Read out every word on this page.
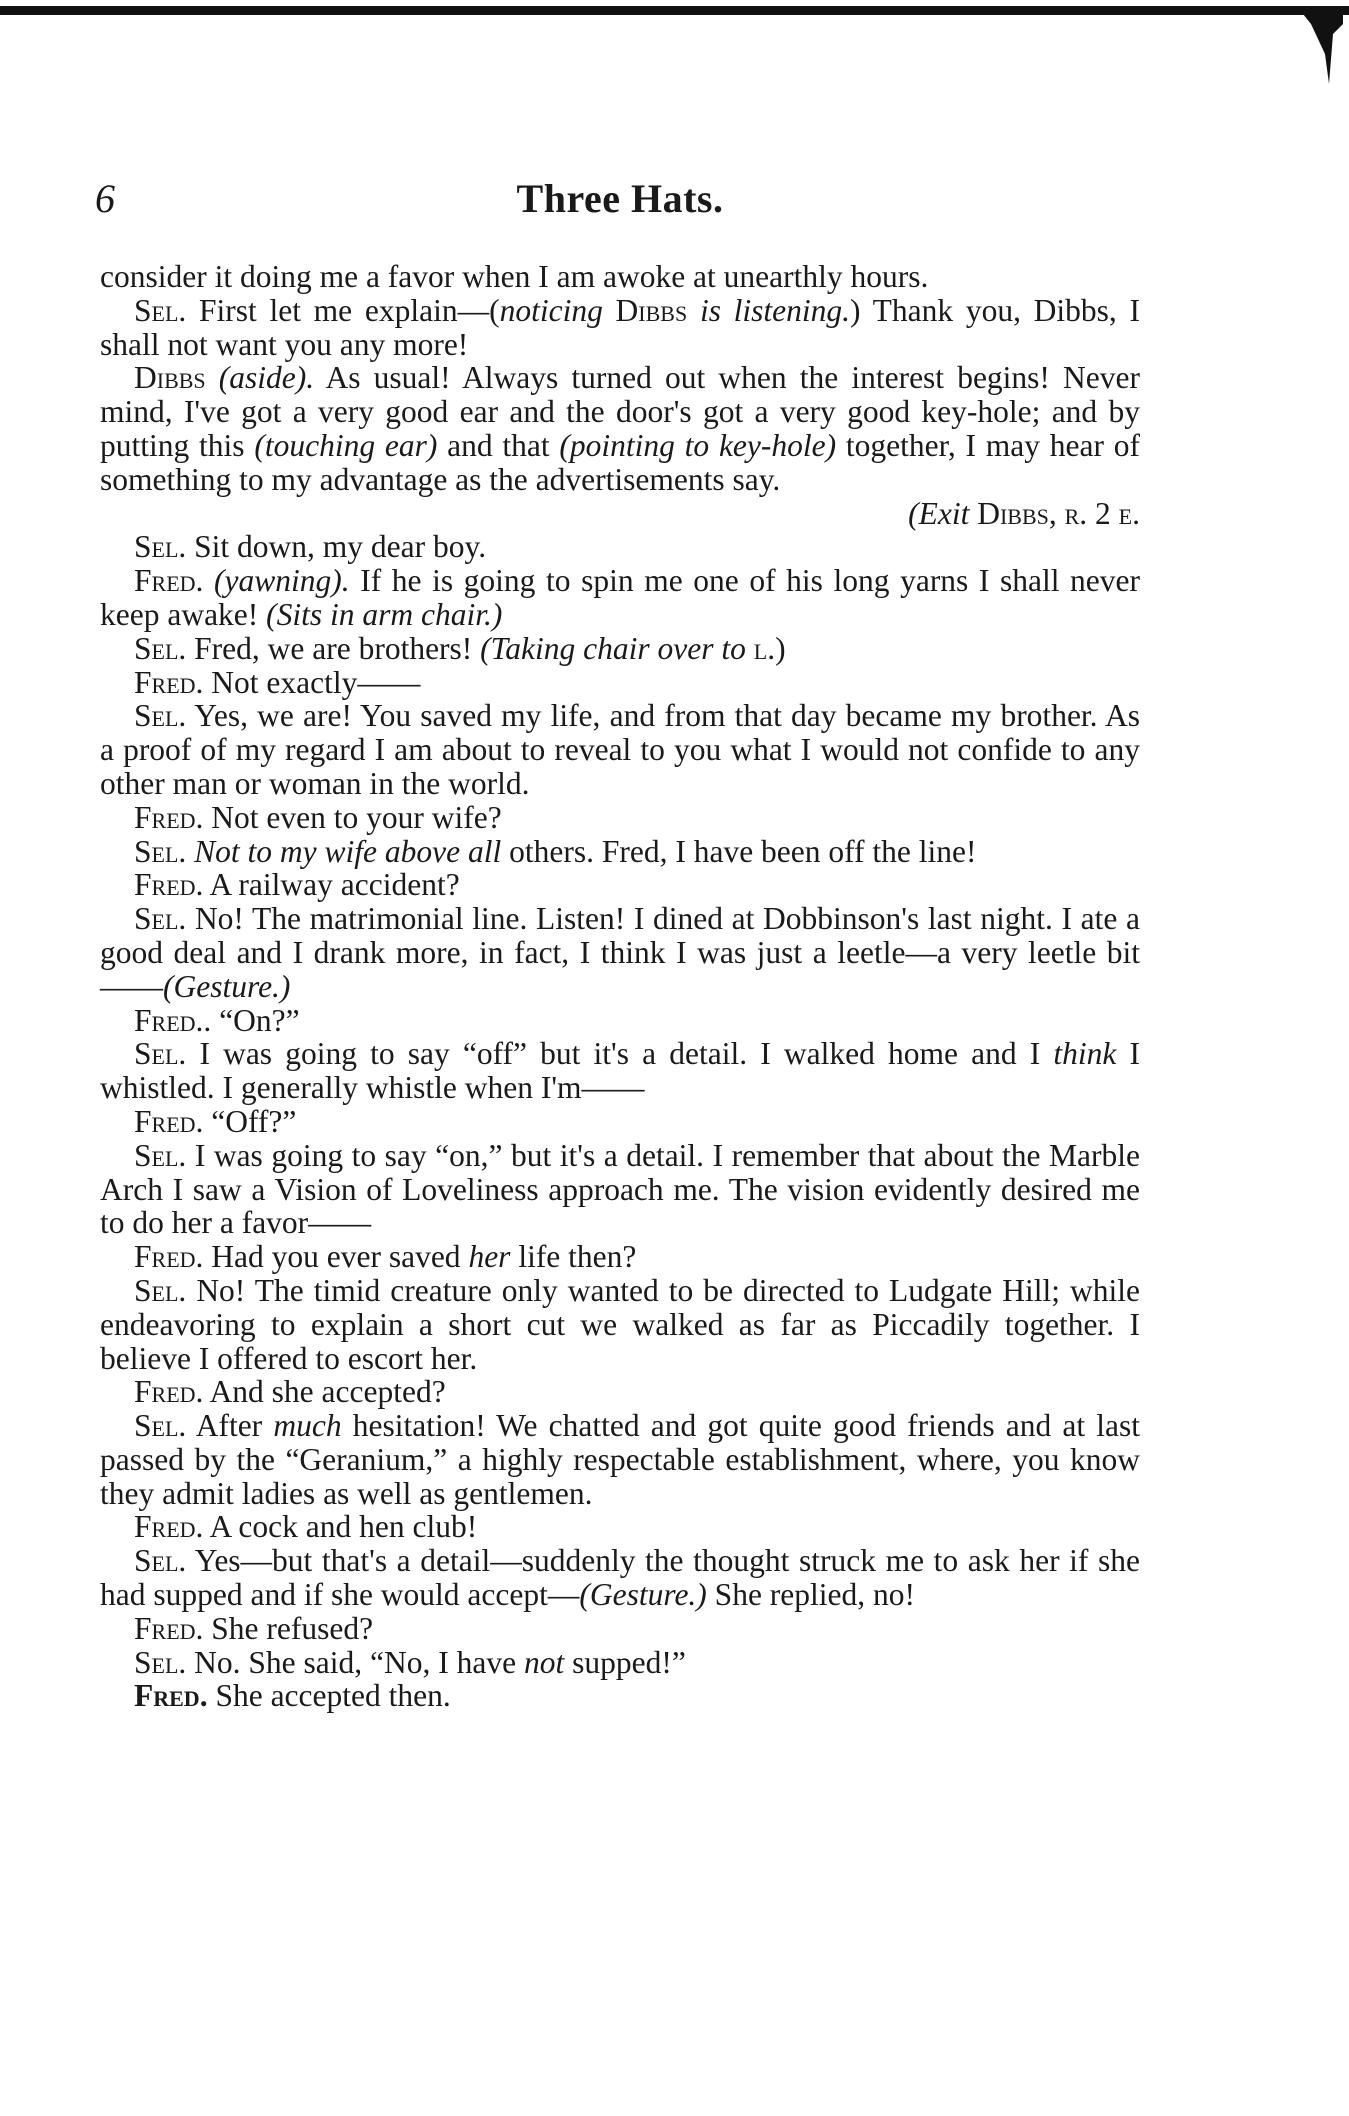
6	Three Hats.

consider it doing me a favor when I am awoke at unearthly hours.

Sel. First let me explain—(noticing Dibbs is listening.) Thank you, Dibbs, I shall not want you any more!

Dibbs (aside). As usual! Always turned out when the interest begins! Never mind, I've got a very good ear and the door's got a very good key-hole; and by putting this (touching ear) and that (pointing to key-hole) together, I may hear of something to my advantage as the advertisements say.

(Exit Dibbs, r. 2 e.

Sel. Sit down, my dear boy.

Fred. (yawning). If he is going to spin me one of his long yarns I shall never keep awake! (Sits in arm chair.)

Sel. Fred, we are brothers! (Taking chair over to l.)

Fred. Not exactly——

Sel. Yes, we are! You saved my life, and from that day became my brother. As a proof of my regard I am about to reveal to you what I would not confide to any other man or woman in the world.

Fred. Not even to your wife?

Sel. Not to my wife above all others. Fred, I have been off the line!

Fred. A railway accident?

Sel. No! The matrimonial line. Listen! I dined at Dobbinson's last night. I ate a good deal and I drank more, in fact, I think I was just a leetle—a very leetle bit——(Gesture.)

Fred.. “On?”

Sel. I was going to say “off” but it's a detail. I walked home and I think I whistled. I generally whistle when I'm——

Fred. “Off?”

Sel. I was going to say “on,” but it's a detail. I remember that about the Marble Arch I saw a Vision of Loveliness approach me. The vision evidently desired me to do her a favor——

Fred. Had you ever saved her life then?

Sel. No! The timid creature only wanted to be directed to Ludgate Hill; while endeavoring to explain a short cut we walked as far as Piccadily together. I believe I offered to escort her.

Fred. And she accepted?

Sel. After much hesitation! We chatted and got quite good friends and at last passed by the “Geranium,” a highly respectable establishment, where, you know they admit ladies as well as gentlemen.

Fred. A cock and hen club!

Sel. Yes—but that's a detail—suddenly the thought struck me to ask her if she had supped and if she would accept—(Gesture.) She replied, no!

Fred. She refused?

Sel. No. She said, “No, I have not supped!”

Fred. She accepted then.
